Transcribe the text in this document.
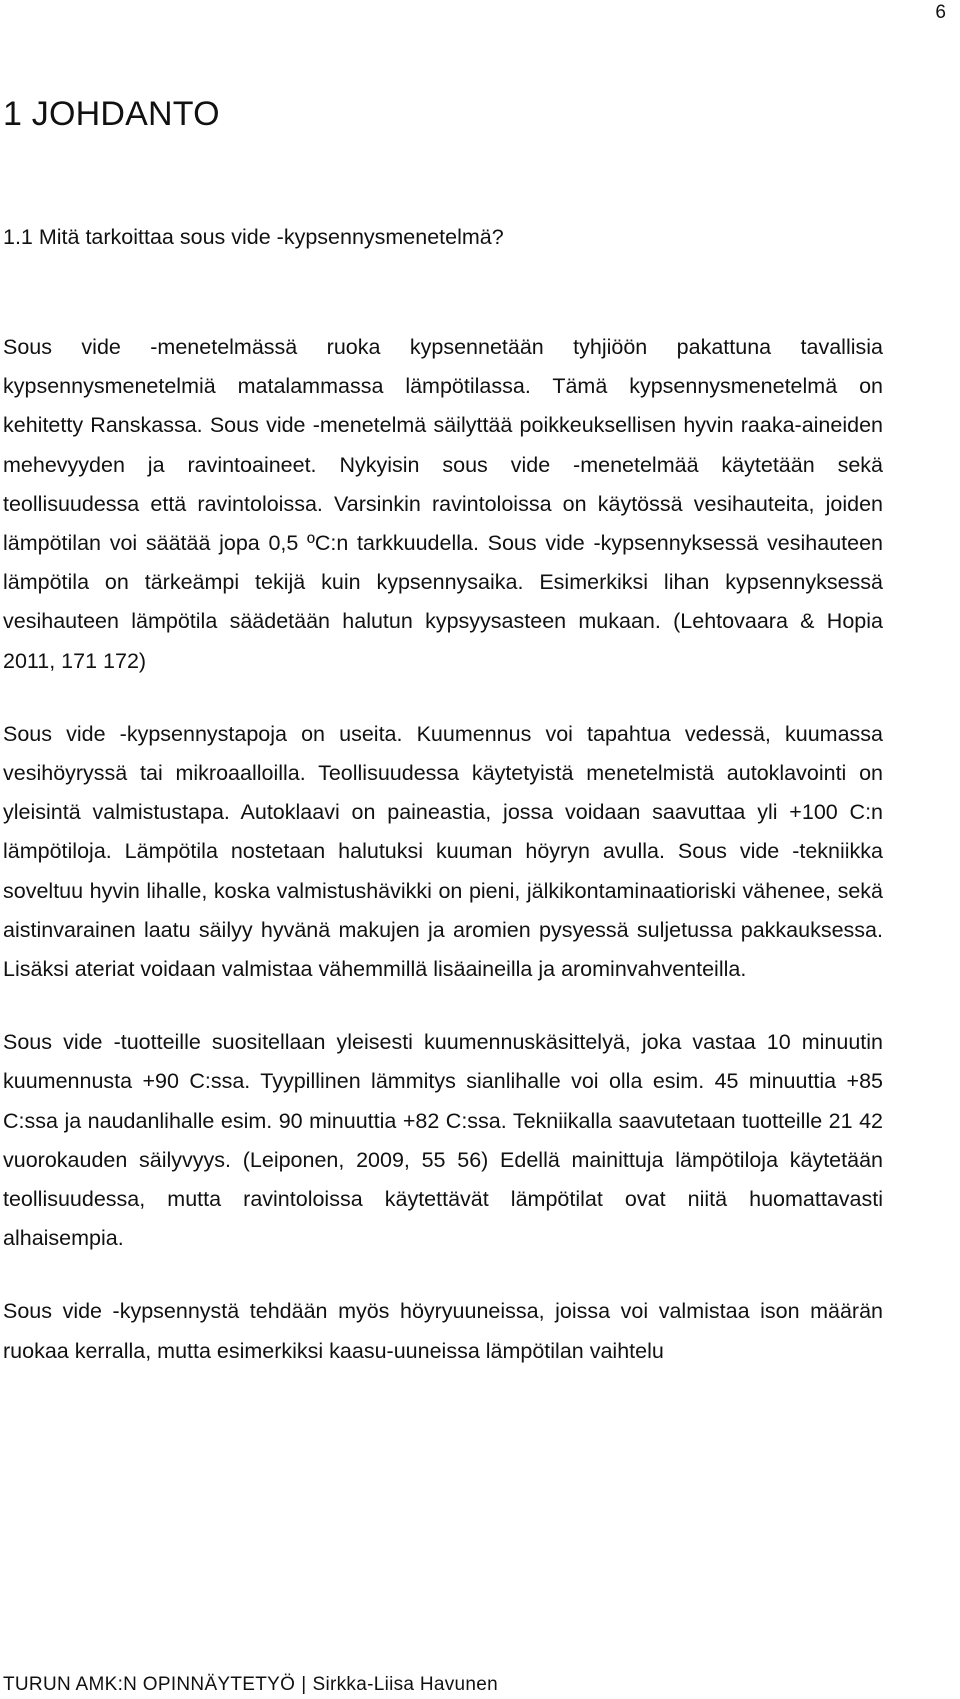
6
1 JOHDANTO
1.1 Mitä tarkoittaa sous vide -kypsennysmenetelmä?

Sous vide -menetelmässä ruoka kypsennetään tyhjiöön pakattuna tavallisia kypsennysmenetelmiä matalammassa lämpötilassa. Tämä kypsennysmenetelmä on kehitetty Ranskassa. Sous vide -menetelmä säilyttää poikkeuksellisen hyvin raaka-aineiden mehevyyden ja ravintoaineet. Nykyisin sous vide -menetelmää käytetään sekä teollisuudessa että ravintoloissa. Varsinkin ravintoloissa on käytössä vesihauteita, joiden lämpötilan voi säätää jopa 0,5 ºC:n tarkkuudella. Sous vide -kypsennyksessä vesihauteen lämpötila on tärkeämpi tekijä kuin kypsennysaika. Esimerkiksi lihan kypsennyksessä vesihauteen lämpötila säädetään halutun kypsyysasteen mukaan. (Lehtovaara & Hopia 2011, 171 172)

Sous vide -kypsennystapoja on useita. Kuumennus voi tapahtua vedessä, kuumassa vesihöyryssä tai mikroaalloilla. Teollisuudessa käytetyistä menetelmistä autoklavointi on yleisintä valmistustapa. Autoklaavi on paineastia, jossa voidaan saavuttaa yli +100 C:n lämpötiloja. Lämpötila nostetaan halutuksi kuuman höyryn avulla. Sous vide -tekniikka soveltuu hyvin lihalle, koska valmistushävikki on pieni, jälkikontaminaatioriski vähenee, sekä aistinvarainen laatu säilyy hyvänä makujen ja aromien pysyessä suljetussa pakkauksessa. Lisäksi ateriat voidaan valmistaa vähemmillä lisäaineilla ja arominvahventeilla.

Sous vide -tuotteille suositellaan yleisesti kuumennuskäsittelyä, joka vastaa 10 minuutin kuumennusta +90 C:ssa. Tyypillinen lämmitys sianlihalle voi olla esim. 45 minuuttia +85 C:ssa ja naudanlihalle esim. 90 minuuttia +82 C:ssa. Tekniikalla saavutetaan tuotteille 21 42 vuorokauden säilyvyys. (Leiponen, 2009, 55 56) Edellä mainittuja lämpötiloja käytetään teollisuudessa, mutta ravintoloissa käytettävät lämpötilat ovat niitä huomattavasti alhaisempia.

Sous vide -kypsennystä tehdään myös höyryuuneissa, joissa voi valmistaa ison määrän ruokaa kerralla, mutta esimerkiksi kaasu-uuneissa lämpötilan vaihtelu

TURUN AMK:N OPINNÄYTETYÖ | Sirkka-Liisa Havunen
